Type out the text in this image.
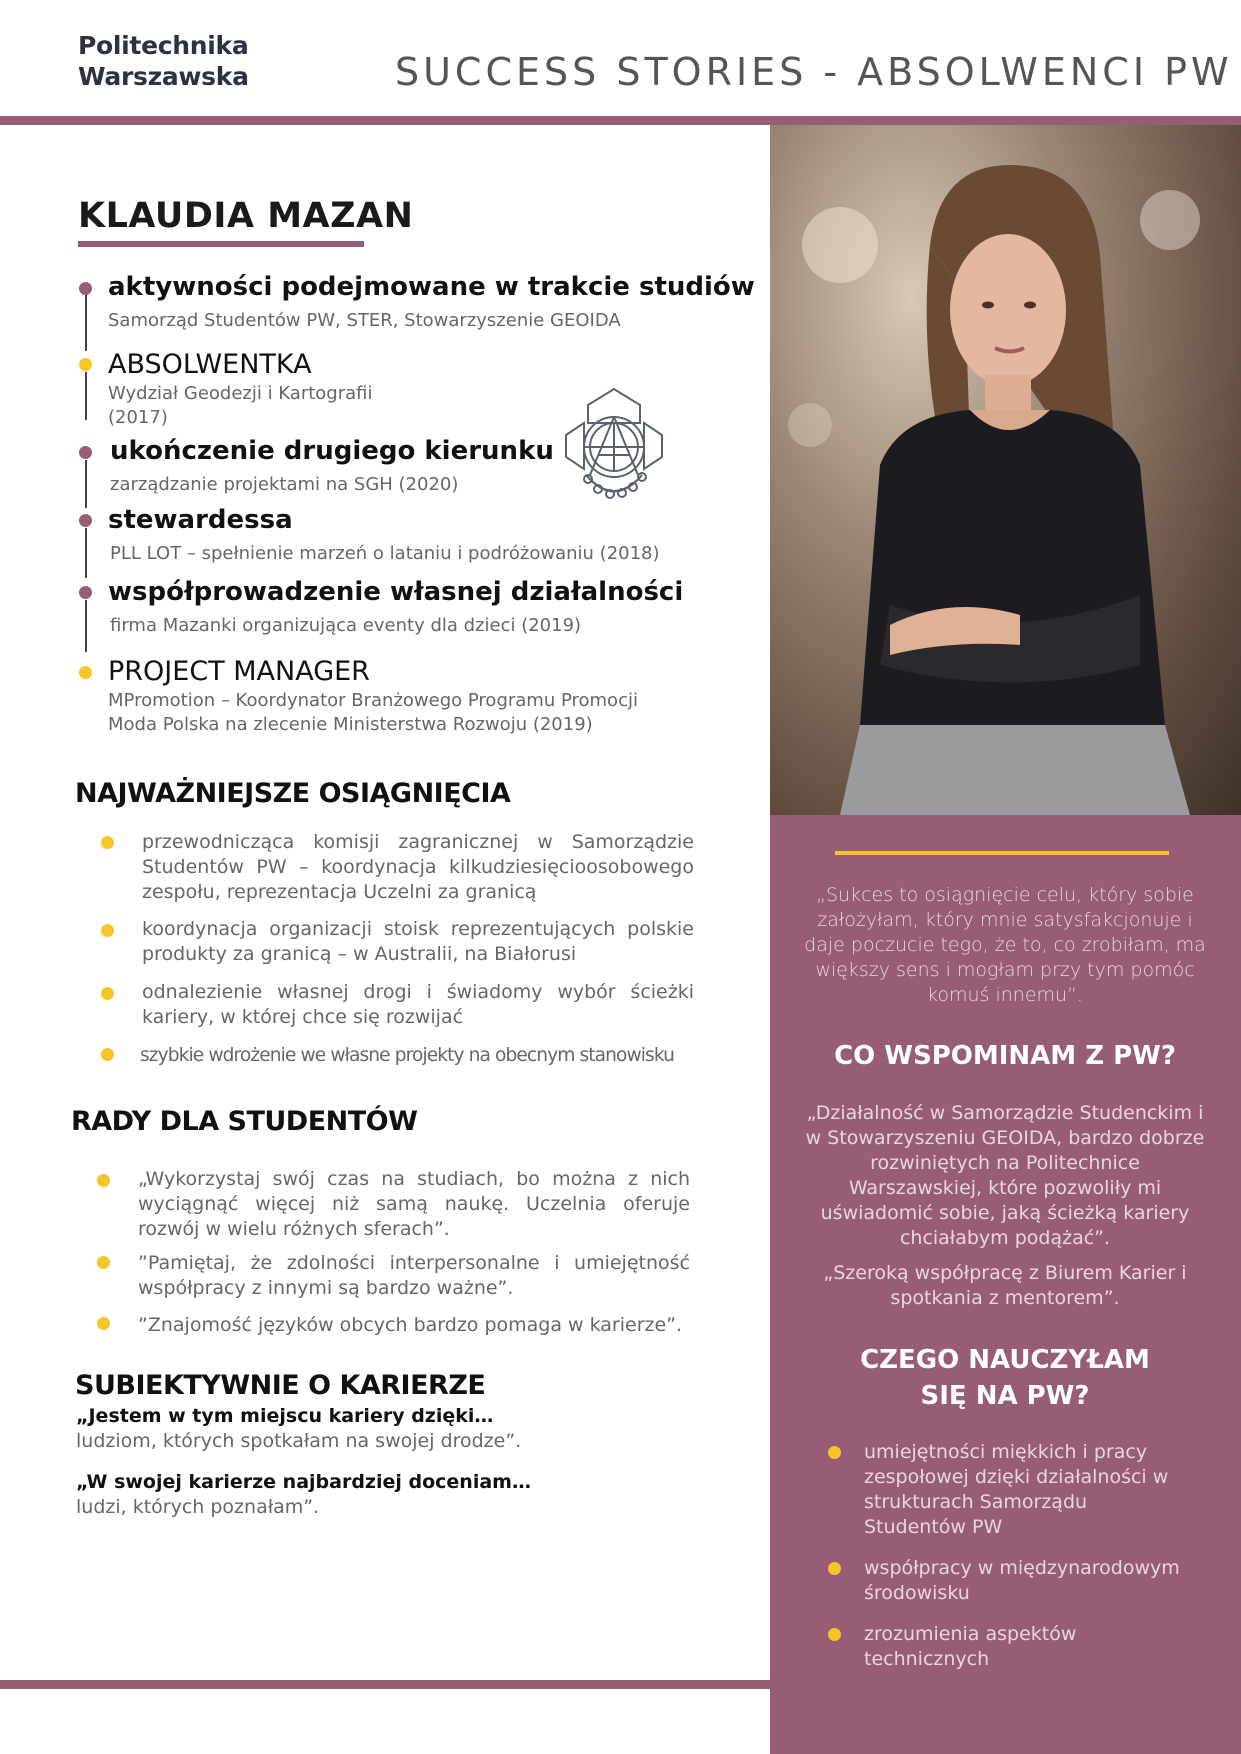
Politechnika
Warszawska	SUCCESS STORIES - ABSOLWENCI PW
KLAUDIA MAZAN
aktywności podejmowane w trakcie studiów
Samorząd Studentów PW, STER, Stowarzyszenie GEOIDA
ABSOLWENTKA
Wydział Geodezji i Kartografii
(2017)
ukończenie drugiego kierunku
zarządzanie projektami na SGH (2020)
stewardessa
PLL LOT – spełnienie marzeń o lataniu i podróżowaniu (2018)
współprowadzenie własnej działalności
firma Mazanki organizująca eventy dla dzieci (2019)
PROJECT MANAGER
MPromotion – Koordynator Branżowego Programu Promocji
Moda Polska na zlecenie Ministerstwa Rozwoju (2019)
NAJWAŻNIEJSZE OSIĄGNIĘCIA
przewodnicząca komisji zagranicznej w Samorządzie Studentów PW – koordynacja kilkudziesięcioosobowego zespołu, reprezentacja Uczelni za granicą
koordynacja organizacji stoisk reprezentujących polskie produkty za granicą – w Australii, na Białorusi
odnalezienie własnej drogi i świadomy wybór ścieżki kariery, w której chce się rozwijać
szybkie wdrożenie we własne projekty na obecnym stanowisku
RADY DLA STUDENTÓW
„Wykorzystaj swój czas na studiach, bo można z nich wyciągnąć więcej niż samą naukę. Uczelnia oferuje rozwój w wielu różnych sferach”.
”Pamiętaj, że zdolności interpersonalne i umiejętność współpracy z innymi są bardzo ważne”.
”Znajomość języków obcych bardzo pomaga w karierze”.
SUBIEKTYWNIE O KARIERZE
„Jestem w tym miejscu kariery dzięki…
ludziom, których spotkałam na swojej drodze”.
„W swojej karierze najbardziej doceniam…
ludzi, których poznałam”.
„Sukces to osiągnięcie celu, który sobie założyłam, który mnie satysfakcjonuje i daje poczucie tego, że to, co zrobiłam, ma większy sens i mogłam przy tym pomóc komuś innemu”.
CO WSPOMINAM Z PW?

„Działalność w Samorządzie Studenckim i w Stowarzyszeniu GEOIDA, bardzo dobrze rozwiniętych na Politechnice Warszawskiej, które pozwoliły mi uświadomić sobie, jaką ścieżką kariery chciałabym podążać”.

„Szeroką współpracę z Biurem Karier i spotkania z mentorem”.

CZEGO NAUCZYŁAM SIĘ NA PW?
umiejętności miękkich i pracy zespołowej dzięki działalności w strukturach Samorządu Studentów PW
współpracy w międzynarodowym środowisku
zrozumienia aspektów technicznych
